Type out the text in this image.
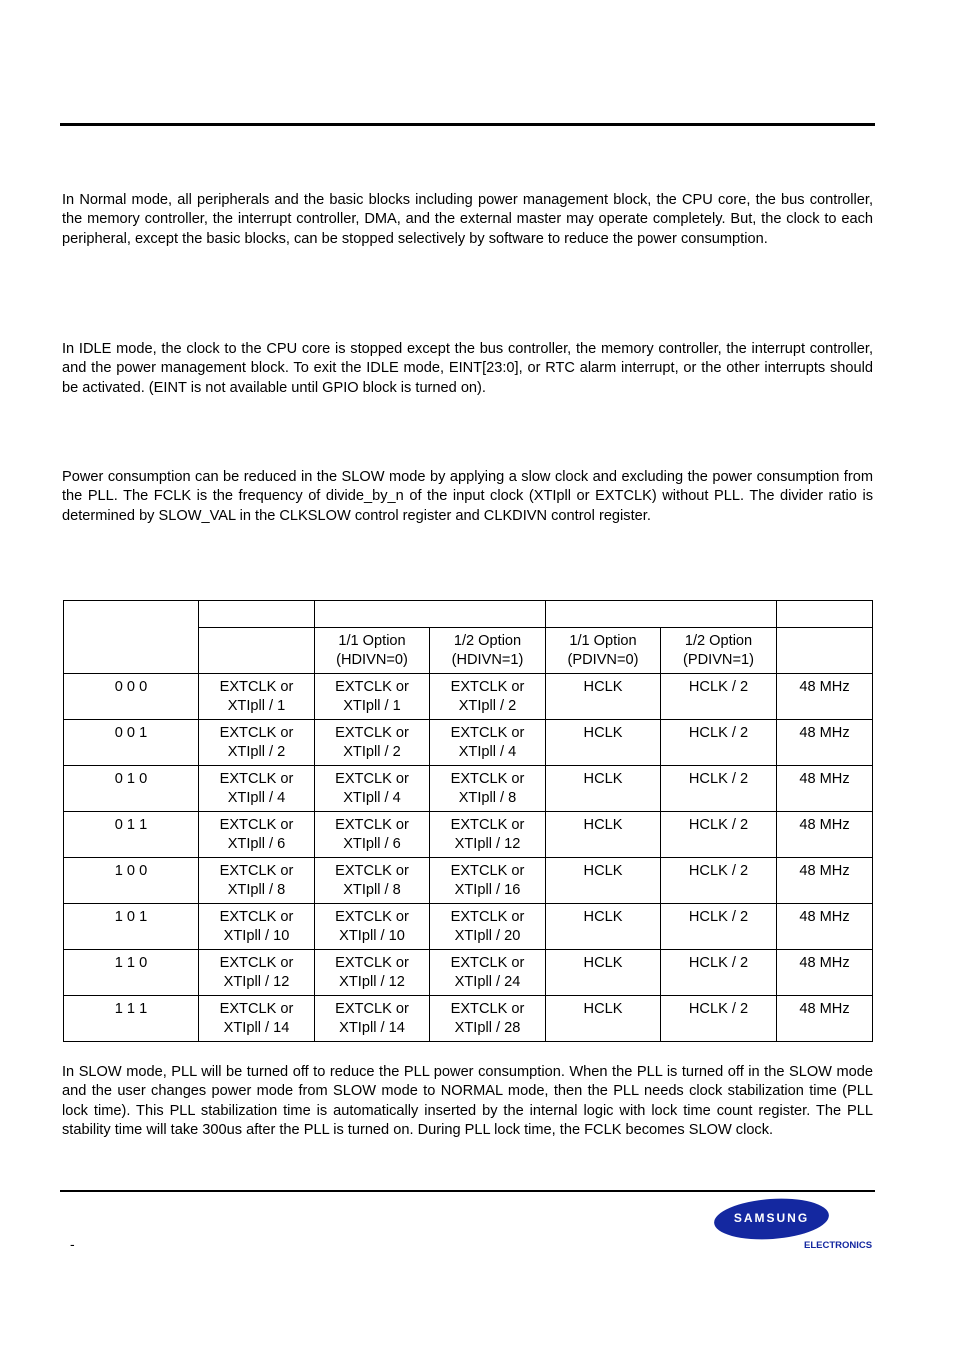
In Normal mode, all peripherals and the basic blocks including power management block, the CPU core, the bus controller, the memory controller, the interrupt controller, DMA, and the external master may operate completely. But, the clock to each peripheral, except the basic blocks, can be stopped selectively by software to reduce the power consumption.

In IDLE mode, the clock to the CPU core is stopped except the bus controller, the memory controller, the interrupt controller, and the power management block. To exit the IDLE mode, EINT[23:0], or RTC alarm interrupt, or the other interrupts should be activated. (EINT is not available until GPIO block is turned on).

Power consumption can be reduced in the SLOW mode by applying a slow clock and excluding the power consumption from the PLL. The FCLK is the frequency of divide_by_n of the input clock (XTIpll or EXTCLK) without PLL. The divider ratio is determined by SLOW_VAL in the CLKSLOW control register and CLKDIVN control register.

		1/1 Option
(HDIVN=0)	1/2 Option
(HDIVN=1)	1/1 Option
(PDIVN=0)	1/2 Option
(PDIVN=1)	
0 0 0	EXTCLK or
XTIpll / 1	EXTCLK or
XTIpll / 1	EXTCLK or
XTIpll / 2	HCLK	HCLK / 2	48 MHz
0 0 1	EXTCLK or
XTIpll / 2	EXTCLK or
XTIpll / 2	EXTCLK or
XTIpll / 4	HCLK	HCLK / 2	48 MHz
0 1 0	EXTCLK or
XTIpll / 4	EXTCLK or
XTIpll / 4	EXTCLK or
XTIpll / 8	HCLK	HCLK / 2	48 MHz
0 1 1	EXTCLK or
XTIpll / 6	EXTCLK or
XTIpll / 6	EXTCLK or
XTIpll / 12	HCLK	HCLK / 2	48 MHz
1 0 0	EXTCLK or
XTIpll / 8	EXTCLK or
XTIpll / 8	EXTCLK or
XTIpll / 16	HCLK	HCLK / 2	48 MHz
1 0 1	EXTCLK or
XTIpll / 10	EXTCLK or
XTIpll / 10	EXTCLK or
XTIpll / 20	HCLK	HCLK / 2	48 MHz
1 1 0	EXTCLK or
XTIpll / 12	EXTCLK or
XTIpll / 12	EXTCLK or
XTIpll / 24	HCLK	HCLK / 2	48 MHz
1 1 1	EXTCLK or
XTIpll / 14	EXTCLK or
XTIpll / 14	EXTCLK or
XTIpll / 28	HCLK	HCLK / 2	48 MHz

In SLOW mode, PLL will be turned off to reduce the PLL power consumption. When the PLL is turned off in the SLOW mode and the user changes power mode from SLOW mode to NORMAL mode, then the PLL needs clock stabilization time (PLL lock time). This PLL stabilization time is automatically inserted by the internal logic with lock time count register. The PLL stability time will take 300us after the PLL is turned on. During PLL lock time, the FCLK becomes SLOW clock.

-
SAMSUNG
ELECTRONICS
